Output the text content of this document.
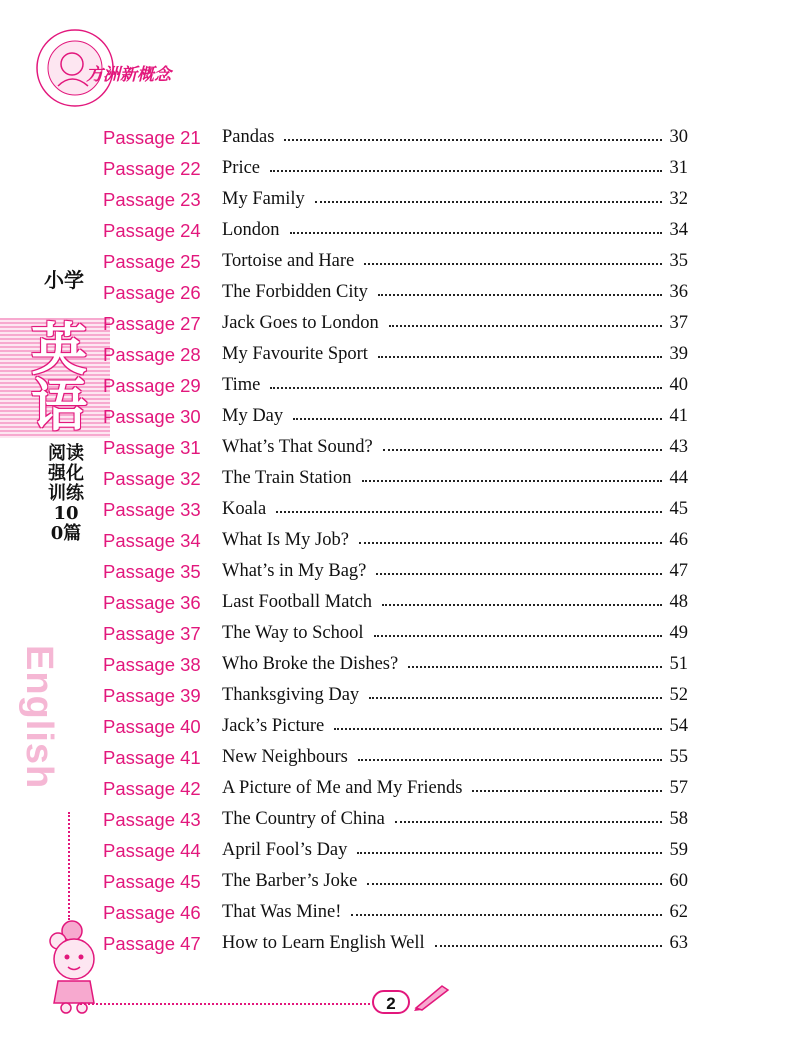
方洲新概念
小学
英语
阅读强化训练100篇
English
2
Passage 21	Pandas	30
Passage 22	Price	31
Passage 23	My Family	32
Passage 24	London	34
Passage 25	Tortoise and Hare	35
Passage 26	The Forbidden City	36
Passage 27	Jack Goes to London	37
Passage 28	My Favourite Sport	39
Passage 29	Time	40
Passage 30	My Day	41
Passage 31	What’s That Sound?	43
Passage 32	The Train Station	44
Passage 33	Koala	45
Passage 34	What Is My Job?	46
Passage 35	What’s in My Bag?	47
Passage 36	Last Football Match	48
Passage 37	The Way to School	49
Passage 38	Who Broke the Dishes?	51
Passage 39	Thanksgiving Day	52
Passage 40	Jack’s Picture	54
Passage 41	New Neighbours	55
Passage 42	A Picture of Me and My Friends	57
Passage 43	The Country of China	58
Passage 44	April Fool’s Day	59
Passage 45	The Barber’s Joke	60
Passage 46	That Was Mine!	62
Passage 47	How to Learn English Well	63
